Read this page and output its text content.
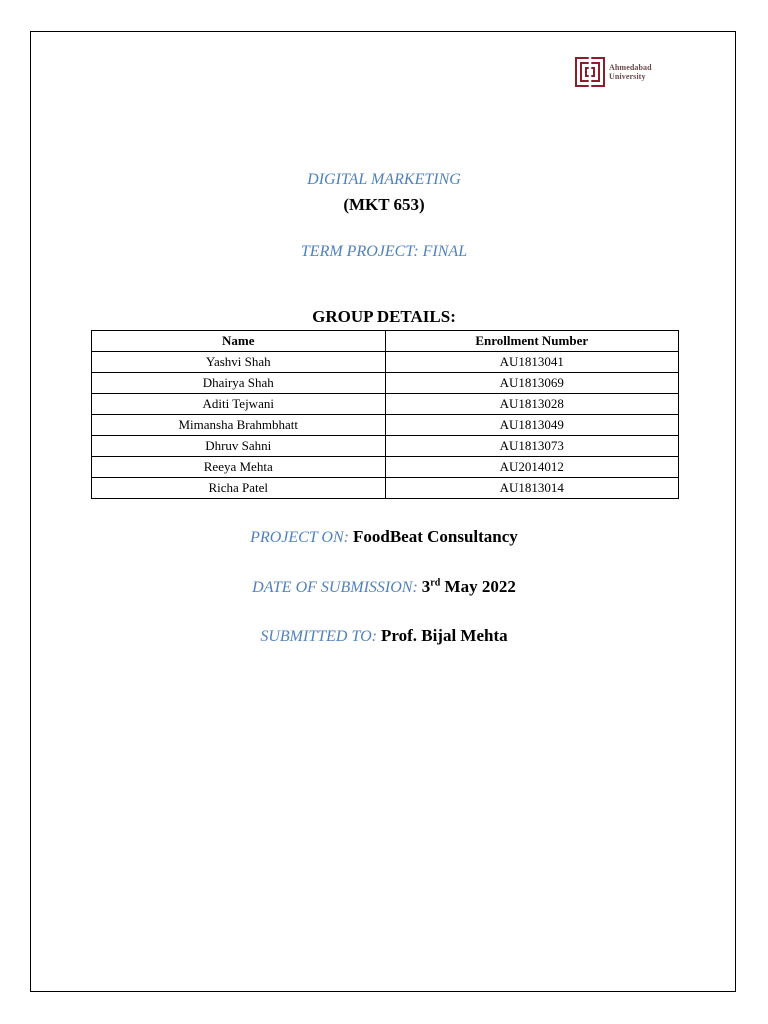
Ahmedabad
University
DIGITAL MARKETING
(MKT 653)
TERM PROJECT: FINAL
GROUP DETAILS:
Name	Enrollment Number
Yashvi Shah	AU1813041
Dhairya Shah	AU1813069
Aditi Tejwani	AU1813028
Mimansha Brahmbhatt	AU1813049
Dhruv Sahni	AU1813073
Reeya Mehta	AU2014012
Richa Patel	AU1813014
PROJECT ON: FoodBeat Consultancy
DATE OF SUBMISSION: 3rd May 2022
SUBMITTED TO: Prof. Bijal Mehta
